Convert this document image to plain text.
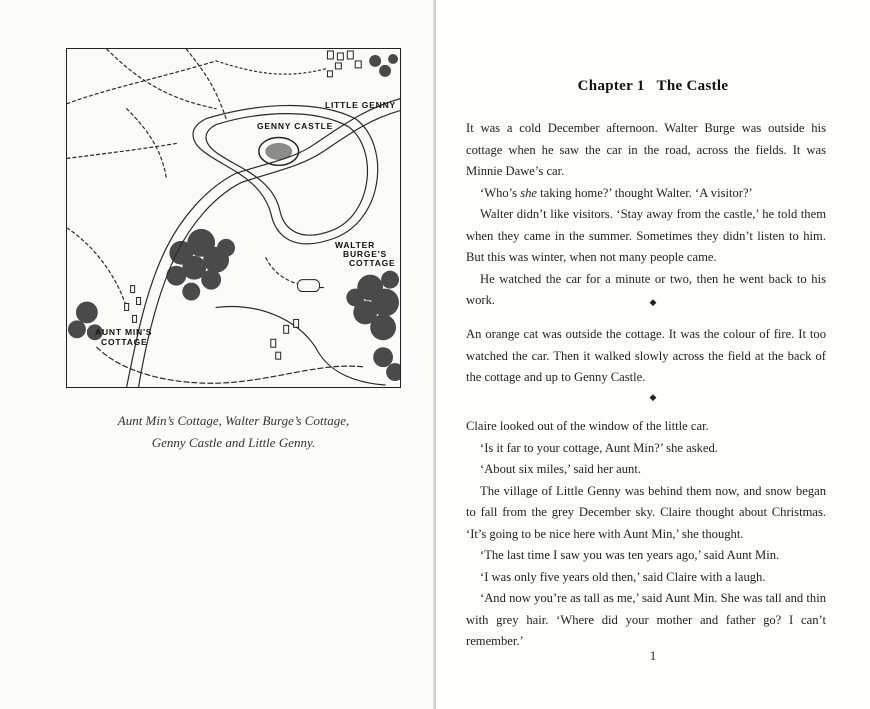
LITTLE GENNY
GENNY CASTLE
WALTER
BURGE'S
COTTAGE
AUNT MIN'S
COTTAGE
Aunt Min’s Cottage, Walter Burge’s Cottage,
Genny Castle and Little Genny.
Chapter 1   The Castle

It was a cold December afternoon. Walter Burge was outside his cottage when he saw the car in the road, across the fields. It was Minnie Dawe’s car.

‘Who’s she taking home?’ thought Walter. ‘A visitor?’

Walter didn’t like visitors. ‘Stay away from the castle,’ he told them when they came in the summer. Sometimes they didn’t listen to him. But this was winter, when not many people came.

He watched the car for a minute or two, then he went back to his work.	◆

An orange cat was outside the cottage. It was the colour of fire. It too watched the car. Then it walked slowly across the field at the back of the cottage and up to Genny Castle.

◆

Claire looked out of the window of the little car.

‘Is it far to your cottage, Aunt Min?’ she asked.

‘About six miles,’ said her aunt.

The village of Little Genny was behind them now, and snow began to fall from the grey December sky. Claire thought about Christmas. ‘It’s going to be nice here with Aunt Min,’ she thought.

‘The last time I saw you was ten years ago,’ said Aunt Min.

‘I was only five years old then,’ said Claire with a laugh.

‘And now you’re as tall as me,’ said Aunt Min. She was tall and thin with grey hair. ‘Where did your mother and father go? I can’t remember.’

1
